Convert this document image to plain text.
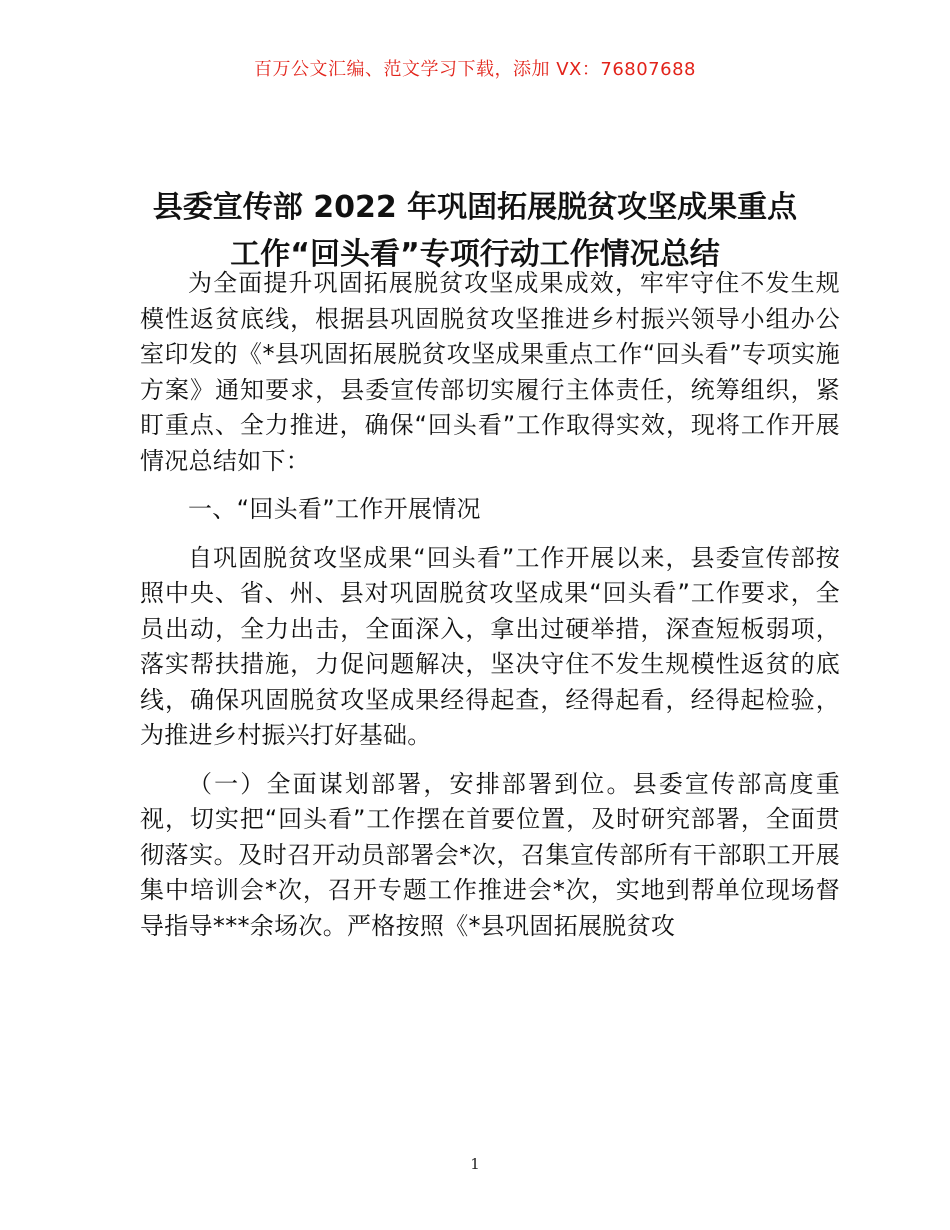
百万公文汇编、范文学习下载，添加 VX：76807688
县委宣传部 2022 年巩固拓展脱贫攻坚成果重点
工作“回头看”专项行动工作情况总结

为全面提升巩固拓展脱贫攻坚成果成效，牢牢守住不发生规模性返贫底线，根据县巩固脱贫攻坚推进乡村振兴领导小组办公室印发的《*县巩固拓展脱贫攻坚成果重点工作“回头看”专项实施方案》通知要求，县委宣传部切实履行主体责任，统筹组织，紧盯重点、全力推进，确保“回头看”工作取得实效，现将工作开展情况总结如下：

一、“回头看”工作开展情况

自巩固脱贫攻坚成果“回头看”工作开展以来，县委宣传部按照中央、省、州、县对巩固脱贫攻坚成果“回头看”工作要求，全员出动，全力出击，全面深入，拿出过硬举措，深查短板弱项，落实帮扶措施，力促问题解决，坚决守住不发生规模性返贫的底线，确保巩固脱贫攻坚成果经得起查，经得起看，经得起检验，为推进乡村振兴打好基础。

（一）全面谋划部署，安排部署到位。县委宣传部高度重视，切实把“回头看”工作摆在首要位置，及时研究部署，全面贯彻落实。及时召开动员部署会*次，召集宣传部所有干部职工开展集中培训会*次，召开专题工作推进会*次，实地到帮单位现场督导指导***余场次。严格按照《*县巩固拓展脱贫攻

1
